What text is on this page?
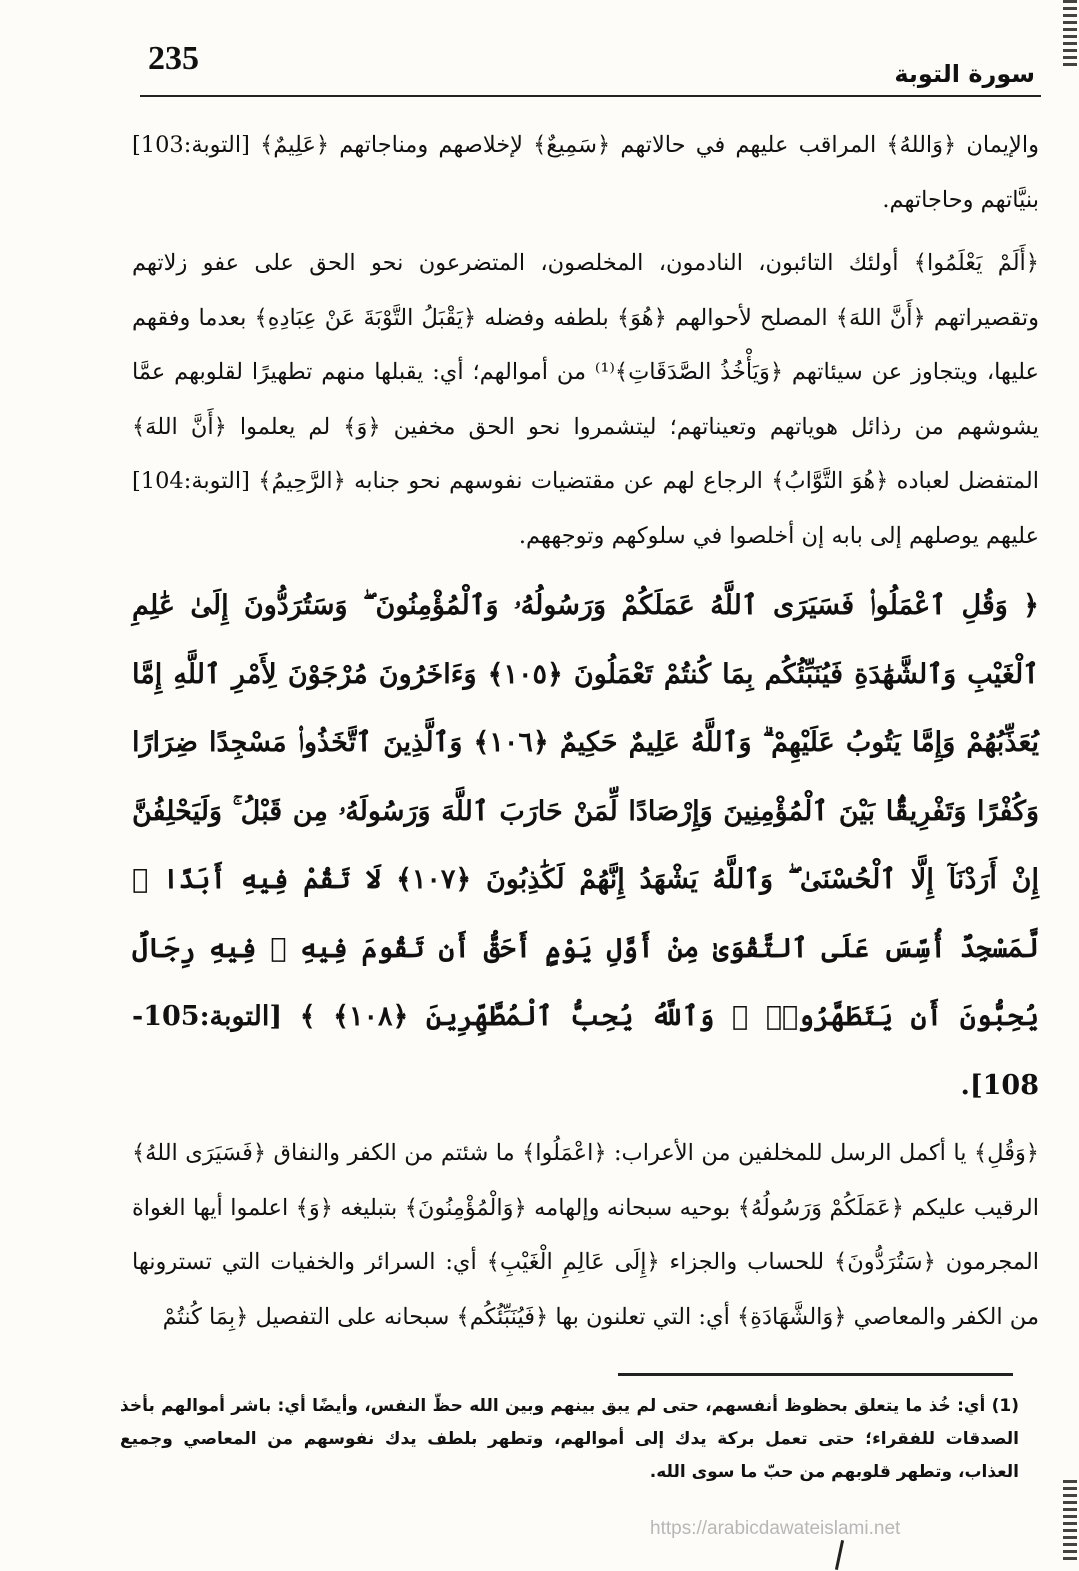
235	سورة التوبة

والإيمان ﴿وَاللهُ﴾ المراقب عليهم في حالاتهم ﴿سَمِيعٌ﴾ لإخلاصهم ومناجاتهم ﴿عَلِيمٌ﴾ [التوبة:103] بنيَّاتهم وحاجاتهم.

﴿أَلَمْ يَعْلَمُوا﴾ أولئك التائبون، النادمون، المخلصون، المتضرعون نحو الحق على عفو زلاتهم وتقصيراتهم ﴿أَنَّ اللهَ﴾ المصلح لأحوالهم ﴿هُوَ﴾ بلطفه وفضله ﴿يَقْبَلُ التَّوْبَةَ عَنْ عِبَادِهِ﴾ بعدما وفقهم عليها، ويتجاوز عن سيئاتهم ﴿وَيَأْخُذُ الصَّدَقَاتِ﴾⁽¹⁾ من أموالهم؛ أي: يقبلها منهم تطهيرًا لقلوبهم عمَّا يشوشهم من رذائل هوياتهم وتعيناتهم؛ ليتشمروا نحو الحق مخفين ﴿وَ﴾ لم يعلموا ﴿أَنَّ اللهَ﴾ المتفضل لعباده ﴿هُوَ التَّوَّابُ﴾ الرجاع لهم عن مقتضيات نفوسهم نحو جنابه ﴿الرَّحِيمُ﴾ [التوبة:104] عليهم يوصلهم إلى بابه إن أخلصوا في سلوكهم وتوجههم.

﴿ وَقُلِ ٱعْمَلُوا۟ فَسَيَرَى ٱللَّهُ عَمَلَكُمْ وَرَسُولُهُۥ وَٱلْمُؤْمِنُونَ ۖ وَسَتُرَدُّونَ إِلَىٰ عَٰلِمِ ٱلْغَيْبِ وَٱلشَّهَٰدَةِ فَيُنَبِّئُكُم بِمَا كُنتُمْ تَعْمَلُونَ ﴿١٠٥﴾ وَءَاخَرُونَ مُرْجَوْنَ لِأَمْرِ ٱللَّهِ إِمَّا يُعَذِّبُهُمْ وَإِمَّا يَتُوبُ عَلَيْهِمْ ۗ وَٱللَّهُ عَلِيمٌ حَكِيمٌ ﴿١٠٦﴾ وَٱلَّذِينَ ٱتَّخَذُوا۟ مَسْجِدًا ضِرَارًا وَكُفْرًا وَتَفْرِيقًۢا بَيْنَ ٱلْمُؤْمِنِينَ وَإِرْصَادًا لِّمَنْ حَارَبَ ٱللَّهَ وَرَسُولَهُۥ مِن قَبْلُ ۚ وَلَيَحْلِفُنَّ إِنْ أَرَدْنَآ إِلَّا ٱلْحُسْنَىٰ ۖ وَٱللَّهُ يَشْهَدُ إِنَّهُمْ لَكَٰذِبُونَ ﴿١٠٧﴾ لَا تَقُمْ فِيهِ أَبَدًا ۚ لَّمَسْجِدٌ أُسِّسَ عَلَى ٱلتَّقْوَىٰ مِنْ أَوَّلِ يَوْمٍ أَحَقُّ أَن تَقُومَ فِيهِ ۚ فِيهِ رِجَالٌ يُحِبُّونَ أَن يَتَطَهَّرُوا۟ ۚ وَٱللَّهُ يُحِبُّ ٱلْمُطَّهِّرِينَ ﴿١٠٨﴾ ﴾ [التوبة:105-108].

﴿وَقُلِ﴾ يا أكمل الرسل للمخلفين من الأعراب: ﴿اعْمَلُوا﴾ ما شئتم من الكفر والنفاق ﴿فَسَيَرَى اللهُ﴾ الرقيب عليكم ﴿عَمَلَكُمْ وَرَسُولُهُ﴾ بوحيه سبحانه وإلهامه ﴿وَالْمُؤْمِنُونَ﴾ بتبليغه ﴿وَ﴾ اعلموا أيها الغواة المجرمون ﴿سَتُرَدُّونَ﴾ للحساب والجزاء ﴿إِلَى عَالِمِ الْغَيْبِ﴾ أي: السرائر والخفيات التي تسترونها من الكفر والمعاصي ﴿وَالشَّهَادَةِ﴾ أي: التي تعلنون بها ﴿فَيُنَبِّئُكُم﴾ سبحانه على التفصيل ﴿بِمَا كُنتُمْ

(1) أي: خُذ ما يتعلق بحظوظ أنفسهم، حتى لم يبق بينهم وبين الله حظّ النفس، وأيضًا أي: باشر أموالهم بأخذ الصدقات للفقراء؛ حتى تعمل بركة يدك إلى أموالهم، وتطهر بلطف يدك نفوسهم من المعاصي وجميع العذاب، وتطهر قلوبهم من حبّ ما سوى الله.
https://arabicdawateislami.net
